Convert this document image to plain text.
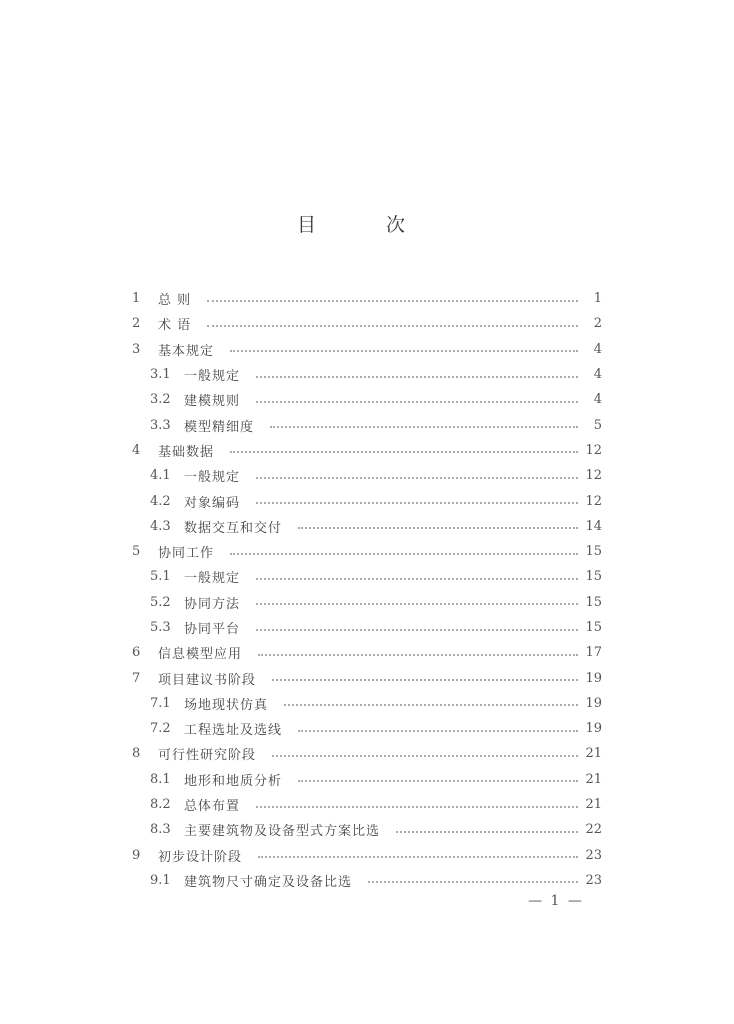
目 次
1	总 则	1
2	术 语	2
3	基本规定	4
3.1	一般规定	4
3.2	建模规则	4
3.3	模型精细度	5
4	基础数据	12
4.1	一般规定	12
4.2	对象编码	12
4.3	数据交互和交付	14
5	协同工作	15
5.1	一般规定	15
5.2	协同方法	15
5.3	协同平台	15
6	信息模型应用	17
7	项目建议书阶段	19
7.1	场地现状仿真	19
7.2	工程选址及选线	19
8	可行性研究阶段	21
8.1	地形和地质分析	21
8.2	总体布置	21
8.3	主要建筑物及设备型式方案比选	22
9	初步设计阶段	23
9.1	建筑物尺寸确定及设备比选	23
— 1 —
